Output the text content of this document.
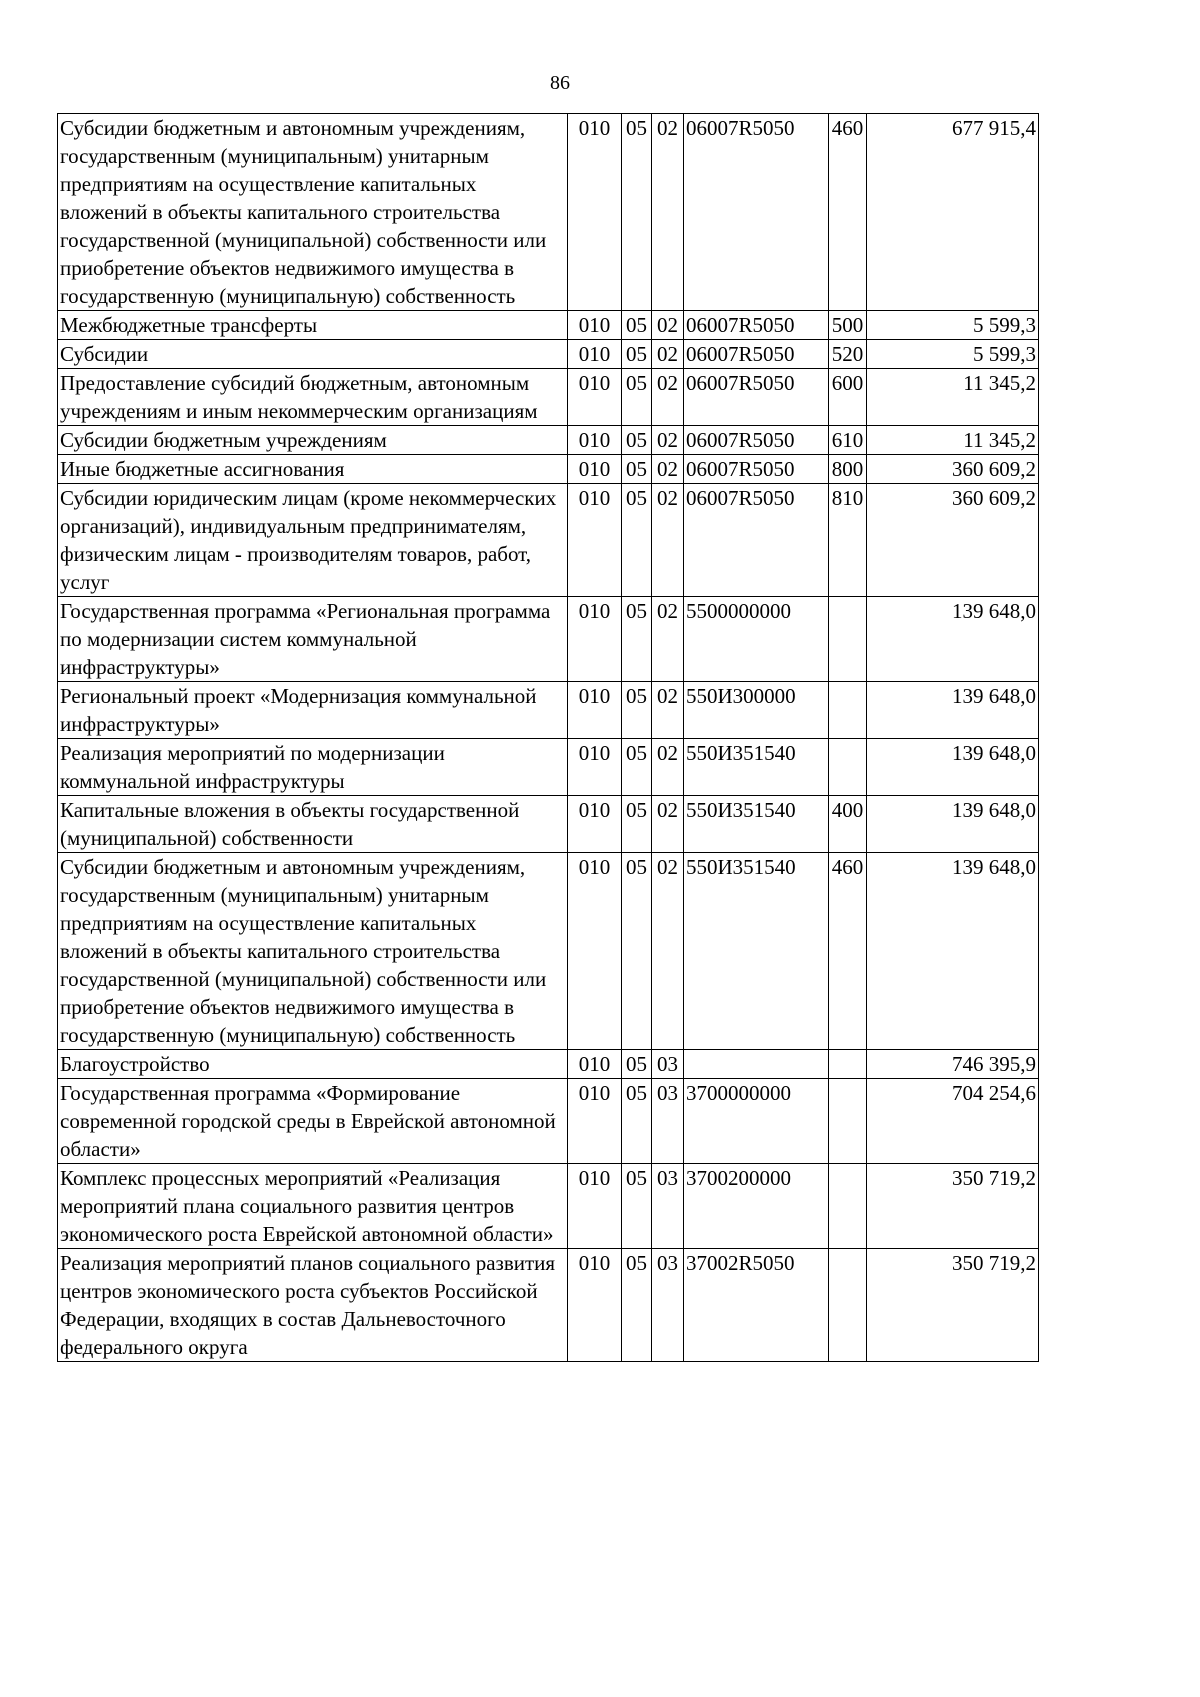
86
Субсидии бюджетным и автономным учреждениям, государственным (муниципальным) унитарным предприятиям на осуществление капитальных вложений в объекты капитального строительства государственной (муниципальной) собственности или приобретение объектов недвижимого имущества в государственную (муниципальную) собственность	010	05	02	06007R5050	460	677 915,4
Межбюджетные трансферты	010	05	02	06007R5050	500	5 599,3
Субсидии	010	05	02	06007R5050	520	5 599,3
Предоставление субсидий бюджетным, автономным учреждениям и иным некоммерческим организациям	010	05	02	06007R5050	600	11 345,2
Субсидии бюджетным учреждениям	010	05	02	06007R5050	610	11 345,2
Иные бюджетные ассигнования	010	05	02	06007R5050	800	360 609,2
Субсидии юридическим лицам (кроме некоммерческих организаций), индивидуальным предпринимателям, физическим лицам - производителям товаров, работ, услуг	010	05	02	06007R5050	810	360 609,2
Государственная программа «Региональная программа по модернизации систем коммунальной инфраструктуры»	010	05	02	5500000000		139 648,0
Региональный проект «Модернизация коммунальной инфраструктуры»	010	05	02	550И300000		139 648,0
Реализация мероприятий по модернизации коммунальной инфраструктуры	010	05	02	550И351540		139 648,0
Капитальные вложения в объекты государственной (муниципальной) собственности	010	05	02	550И351540	400	139 648,0
Субсидии бюджетным и автономным учреждениям, государственным (муниципальным) унитарным предприятиям на осуществление капитальных вложений в объекты капитального строительства государственной (муниципальной) собственности или приобретение объектов недвижимого имущества в государственную (муниципальную) собственность	010	05	02	550И351540	460	139 648,0
Благоустройство	010	05	03			746 395,9
Государственная программа «Формирование современной городской среды в Еврейской автономной области»	010	05	03	3700000000		704 254,6
Комплекс процессных мероприятий «Реализация мероприятий плана социального развития центров экономического роста Еврейской автономной области»	010	05	03	3700200000		350 719,2
Реализация мероприятий планов социального развития центров экономического роста субъектов Российской Федерации, входящих в состав Дальневосточного федерального округа	010	05	03	37002R5050		350 719,2
